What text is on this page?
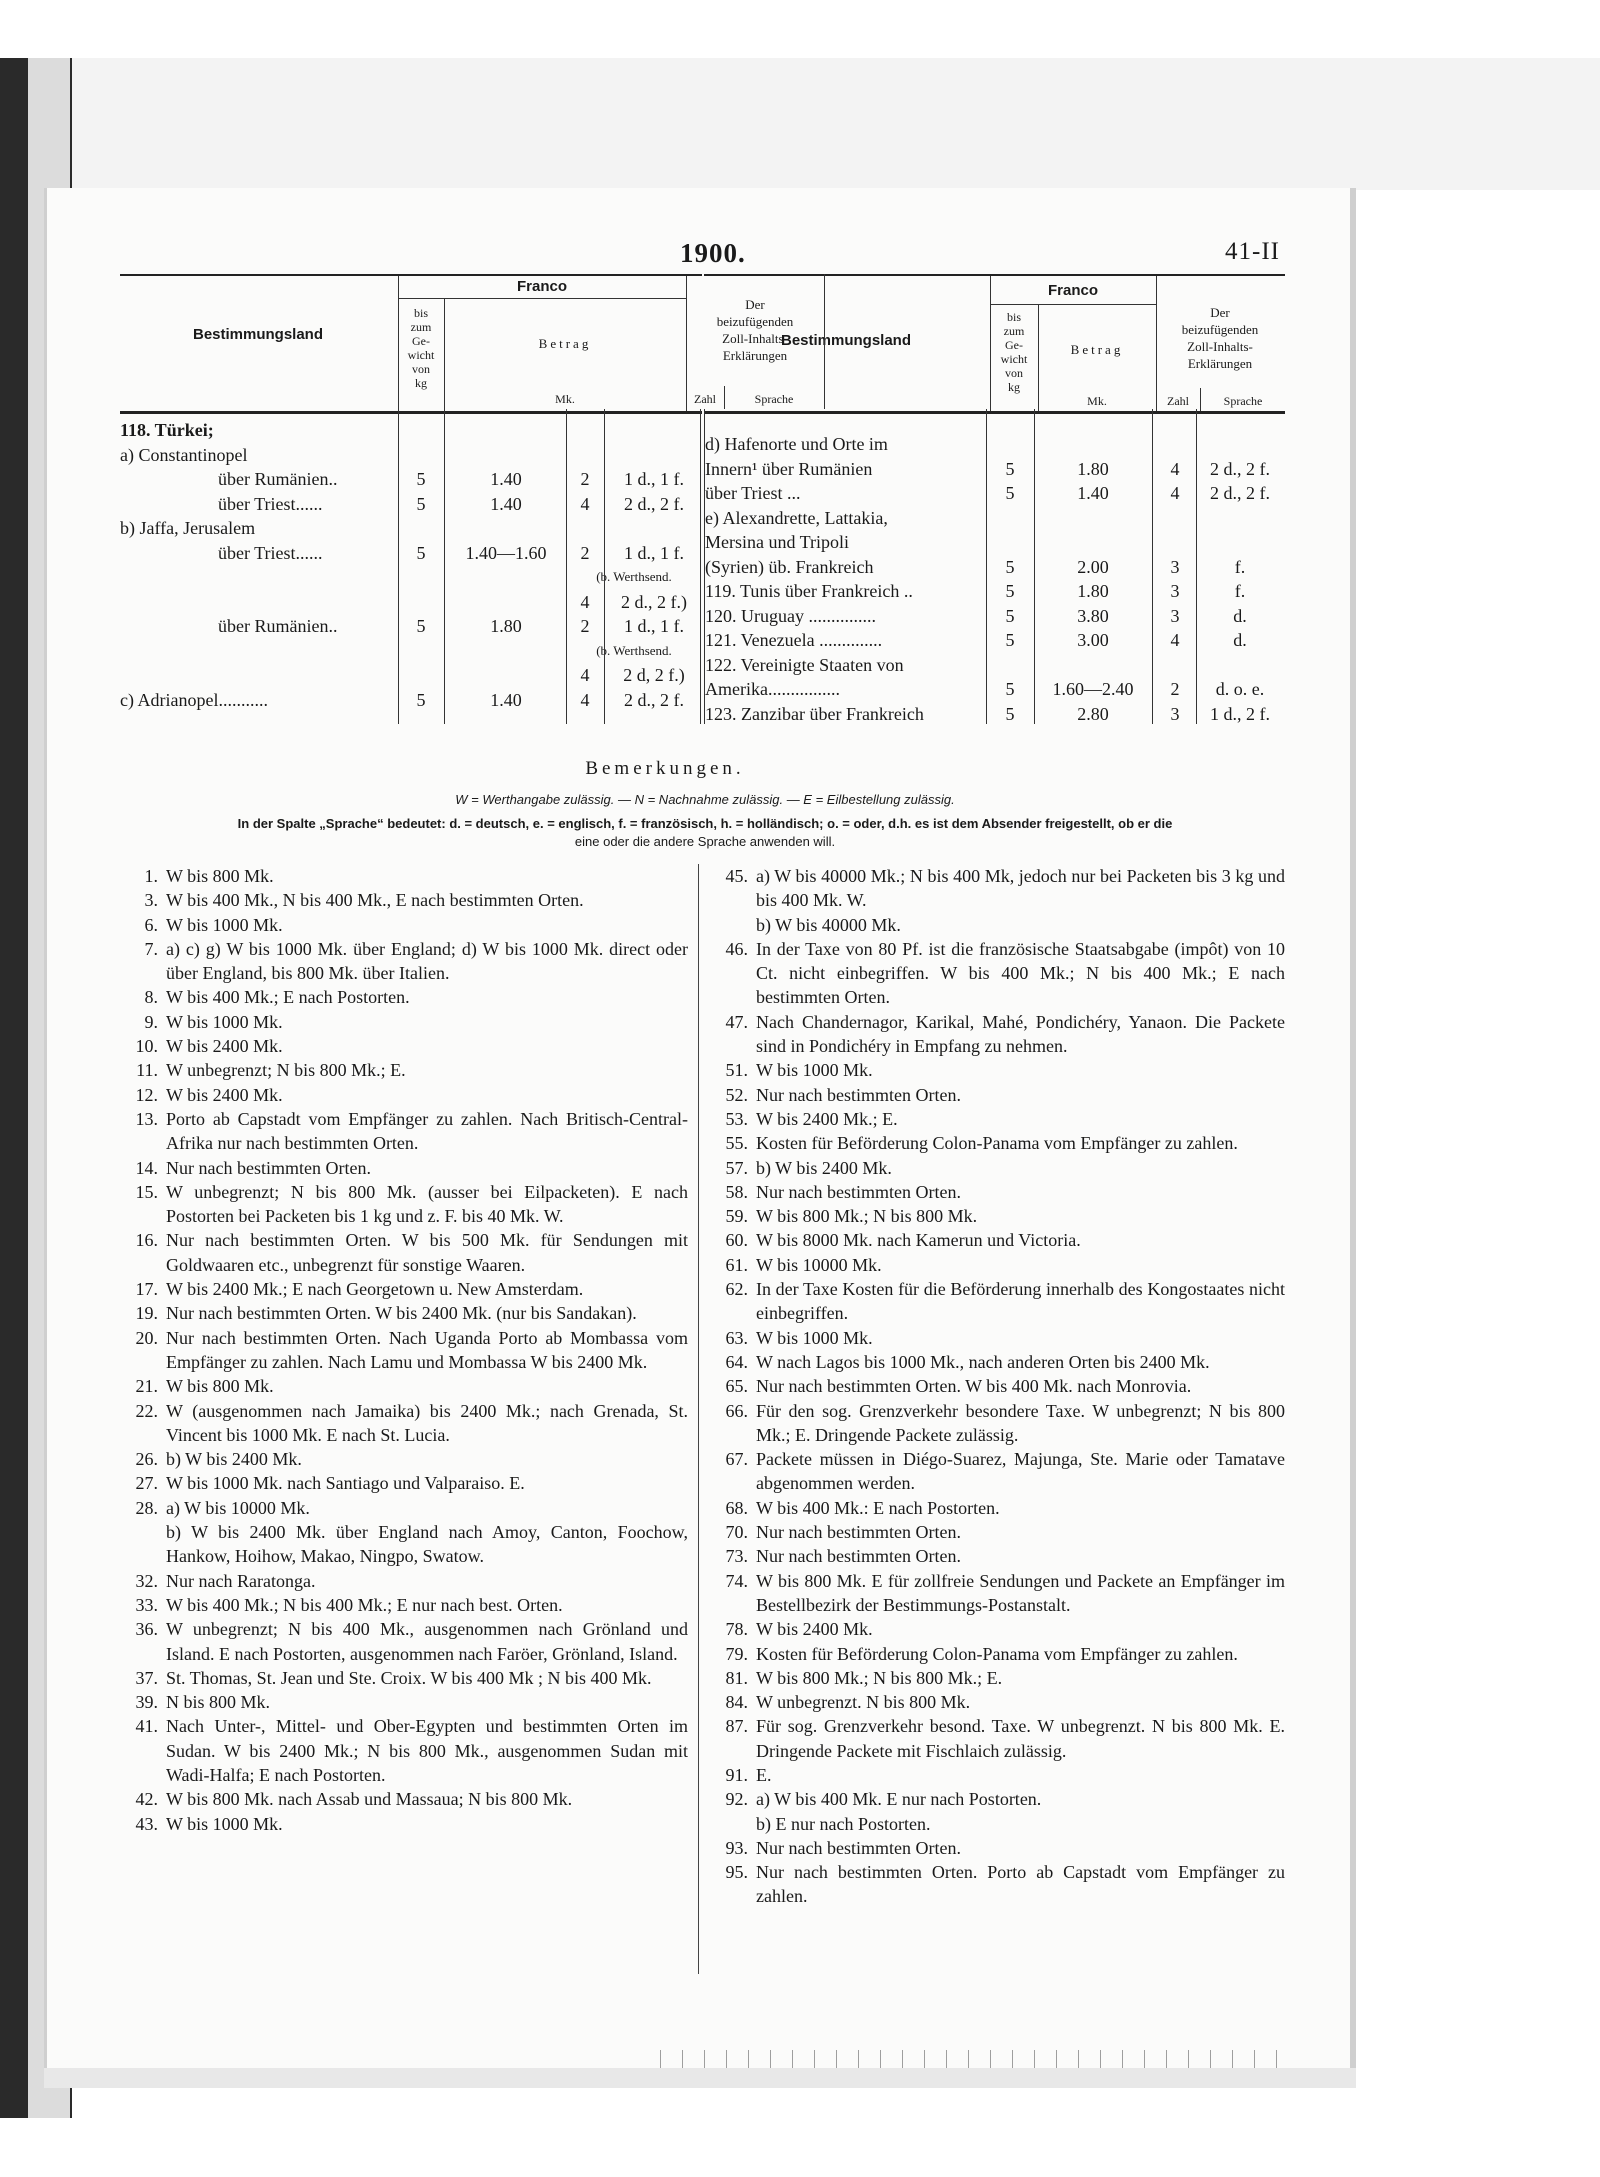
1900.	41-II
Bestimmungsland
Franco
bis
zum
Ge-
wicht
von
kg
Betrag
Mk.
Der
beizufügenden
Zoll-Inhalts-
Erklärungen
Bestimmungsland
Franco
bis
zum
Ge-
wicht
von
kg
Betrag
Mk.
Der
beizufügenden
Zoll-Inhalts-
Erklärungen
Zahl	Sprache
Zahl	Sprache
118. Türkei;
a) Constantinopel
über Rumänien..	5	1.40	2	1 d., 1 f.
über Triest......	5	1.40	4	2 d., 2 f.
b) Jaffa, Jerusalem
über Triest......	5	1.40—1.60	2	1 d., 1 f.
(b. Werthsend.
4	2 d., 2 f.)
über Rumänien..	5	1.80	2	1 d., 1 f.
(b. Werthsend.
4	2 d, 2 f.)
c) Adrianopel...........	5	1.40	4	2 d., 2 f.
d) Hafenorte und Orte im
Innern¹ über Rumänien	5	1.80	4	2 d., 2 f.
über Triest ...	5	1.40	4	2 d., 2 f.
e) Alexandrette, Lattakia,
Mersina und Tripoli
(Syrien) üb. Frankreich	5	2.00	3	f.
119. Tunis über Frankreich ..	5	1.80	3	f.
120. Uruguay ...............	5	3.80	3	d.
121. Venezuela ..............	5	3.00	4	d.
122. Vereinigte Staaten von
Amerika................	5	1.60—2.40	2	d. o. e.
123. Zanzibar über Frankreich	5	2.80	3	1 d., 2 f.
Bemerkungen.
W = Werthangabe zulässig. — N = Nachnahme zulässig. — E = Eilbestellung zulässig.
In der Spalte „Sprache“ bedeutet: d. = deutsch, e. = englisch, f. = französisch, h. = holländisch; o. = oder, d.h. es ist dem Absender freigestellt, ob er die
eine oder die andere Sprache anwenden will.
1. W bis 800 Mk.
3. W bis 400 Mk., N bis 400 Mk., E nach bestimmten Orten.
6. W bis 1000 Mk.
7. a) c) g) W bis 1000 Mk. über England; d) W bis 1000 Mk. direct oder über England, bis 800 Mk. über Italien.
8. W bis 400 Mk.; E nach Postorten.
9. W bis 1000 Mk.
10. W bis 2400 Mk.
11. W unbegrenzt; N bis 800 Mk.; E.
12. W bis 2400 Mk.
13. Porto ab Capstadt vom Empfänger zu zahlen. Nach Britisch-Central-Afrika nur nach bestimmten Orten.
14. Nur nach bestimmten Orten.
15. W unbegrenzt; N bis 800 Mk. (ausser bei Eilpacketen). E nach Postorten bei Packeten bis 1 kg und z. F. bis 40 Mk. W.
16. Nur nach bestimmten Orten. W bis 500 Mk. für Sendungen mit Goldwaaren etc., unbegrenzt für sonstige Waaren.
17. W bis 2400 Mk.; E nach Georgetown u. New Amsterdam.
19. Nur nach bestimmten Orten. W bis 2400 Mk. (nur bis Sandakan).
20. Nur nach bestimmten Orten. Nach Uganda Porto ab Mombassa vom Empfänger zu zahlen. Nach Lamu und Mombassa W bis 2400 Mk.
21. W bis 800 Mk.
22. W (ausgenommen nach Jamaika) bis 2400 Mk.; nach Grenada, St. Vincent bis 1000 Mk. E nach St. Lucia.
26. b) W bis 2400 Mk.
27. W bis 1000 Mk. nach Santiago und Valparaiso. E.
28. a) W bis 10000 Mk.
b) W bis 2400 Mk. über England nach Amoy, Canton, Foochow, Hankow, Hoihow, Makao, Ningpo, Swatow.
32. Nur nach Raratonga.
33. W bis 400 Mk.; N bis 400 Mk.; E nur nach best. Orten.
36. W unbegrenzt; N bis 400 Mk., ausgenommen nach Grönland und Island. E nach Postorten, ausgenommen nach Faröer, Grönland, Island.
37. St. Thomas, St. Jean und Ste. Croix. W bis 400 Mk ; N bis 400 Mk.
39. N bis 800 Mk.
41. Nach Unter-, Mittel- und Ober-Egypten und bestimmten Orten im Sudan. W bis 2400 Mk.; N bis 800 Mk., ausgenommen Sudan mit Wadi-Halfa; E nach Postorten.
42. W bis 800 Mk. nach Assab und Massaua; N bis 800 Mk.
43. W bis 1000 Mk.
45. a) W bis 40000 Mk.; N bis 400 Mk, jedoch nur bei Packeten bis 3 kg und bis 400 Mk. W.
b) W bis 40000 Mk.
46. In der Taxe von 80 Pf. ist die französische Staatsabgabe (impôt) von 10 Ct. nicht einbegriffen. W bis 400 Mk.; N bis 400 Mk.; E nach bestimmten Orten.
47. Nach Chandernagor, Karikal, Mahé, Pondichéry, Yanaon. Die Packete sind in Pondichéry in Empfang zu nehmen.
51. W bis 1000 Mk.
52. Nur nach bestimmten Orten.
53. W bis 2400 Mk.; E.
55. Kosten für Beförderung Colon-Panama vom Empfänger zu zahlen.
57. b) W bis 2400 Mk.
58. Nur nach bestimmten Orten.
59. W bis 800 Mk.; N bis 800 Mk.
60. W bis 8000 Mk. nach Kamerun und Victoria.
61. W bis 10000 Mk.
62. In der Taxe Kosten für die Beförderung innerhalb des Kongostaates nicht einbegriffen.
63. W bis 1000 Mk.
64. W nach Lagos bis 1000 Mk., nach anderen Orten bis 2400 Mk.
65. Nur nach bestimmten Orten. W bis 400 Mk. nach Monrovia.
66. Für den sog. Grenzverkehr besondere Taxe. W unbegrenzt; N bis 800 Mk.; E. Dringende Packete zulässig.
67. Packete müssen in Diégo-Suarez, Majunga, Ste. Marie oder Tamatave abgenommen werden.
68. W bis 400 Mk.: E nach Postorten.
70. Nur nach bestimmten Orten.
73. Nur nach bestimmten Orten.
74. W bis 800 Mk. E für zollfreie Sendungen und Packete an Empfänger im Bestellbezirk der Bestimmungs-Postanstalt.
78. W bis 2400 Mk.
79. Kosten für Beförderung Colon-Panama vom Empfänger zu zahlen.
81. W bis 800 Mk.; N bis 800 Mk.; E.
84. W unbegrenzt. N bis 800 Mk.
87. Für sog. Grenzverkehr besond. Taxe. W unbegrenzt. N bis 800 Mk. E. Dringende Packete mit Fischlaich zulässig.
91. E.
92. a) W bis 400 Mk. E nur nach Postorten.
b) E nur nach Postorten.
93. Nur nach bestimmten Orten.
95. Nur nach bestimmten Orten. Porto ab Capstadt vom Empfänger zu zahlen.
